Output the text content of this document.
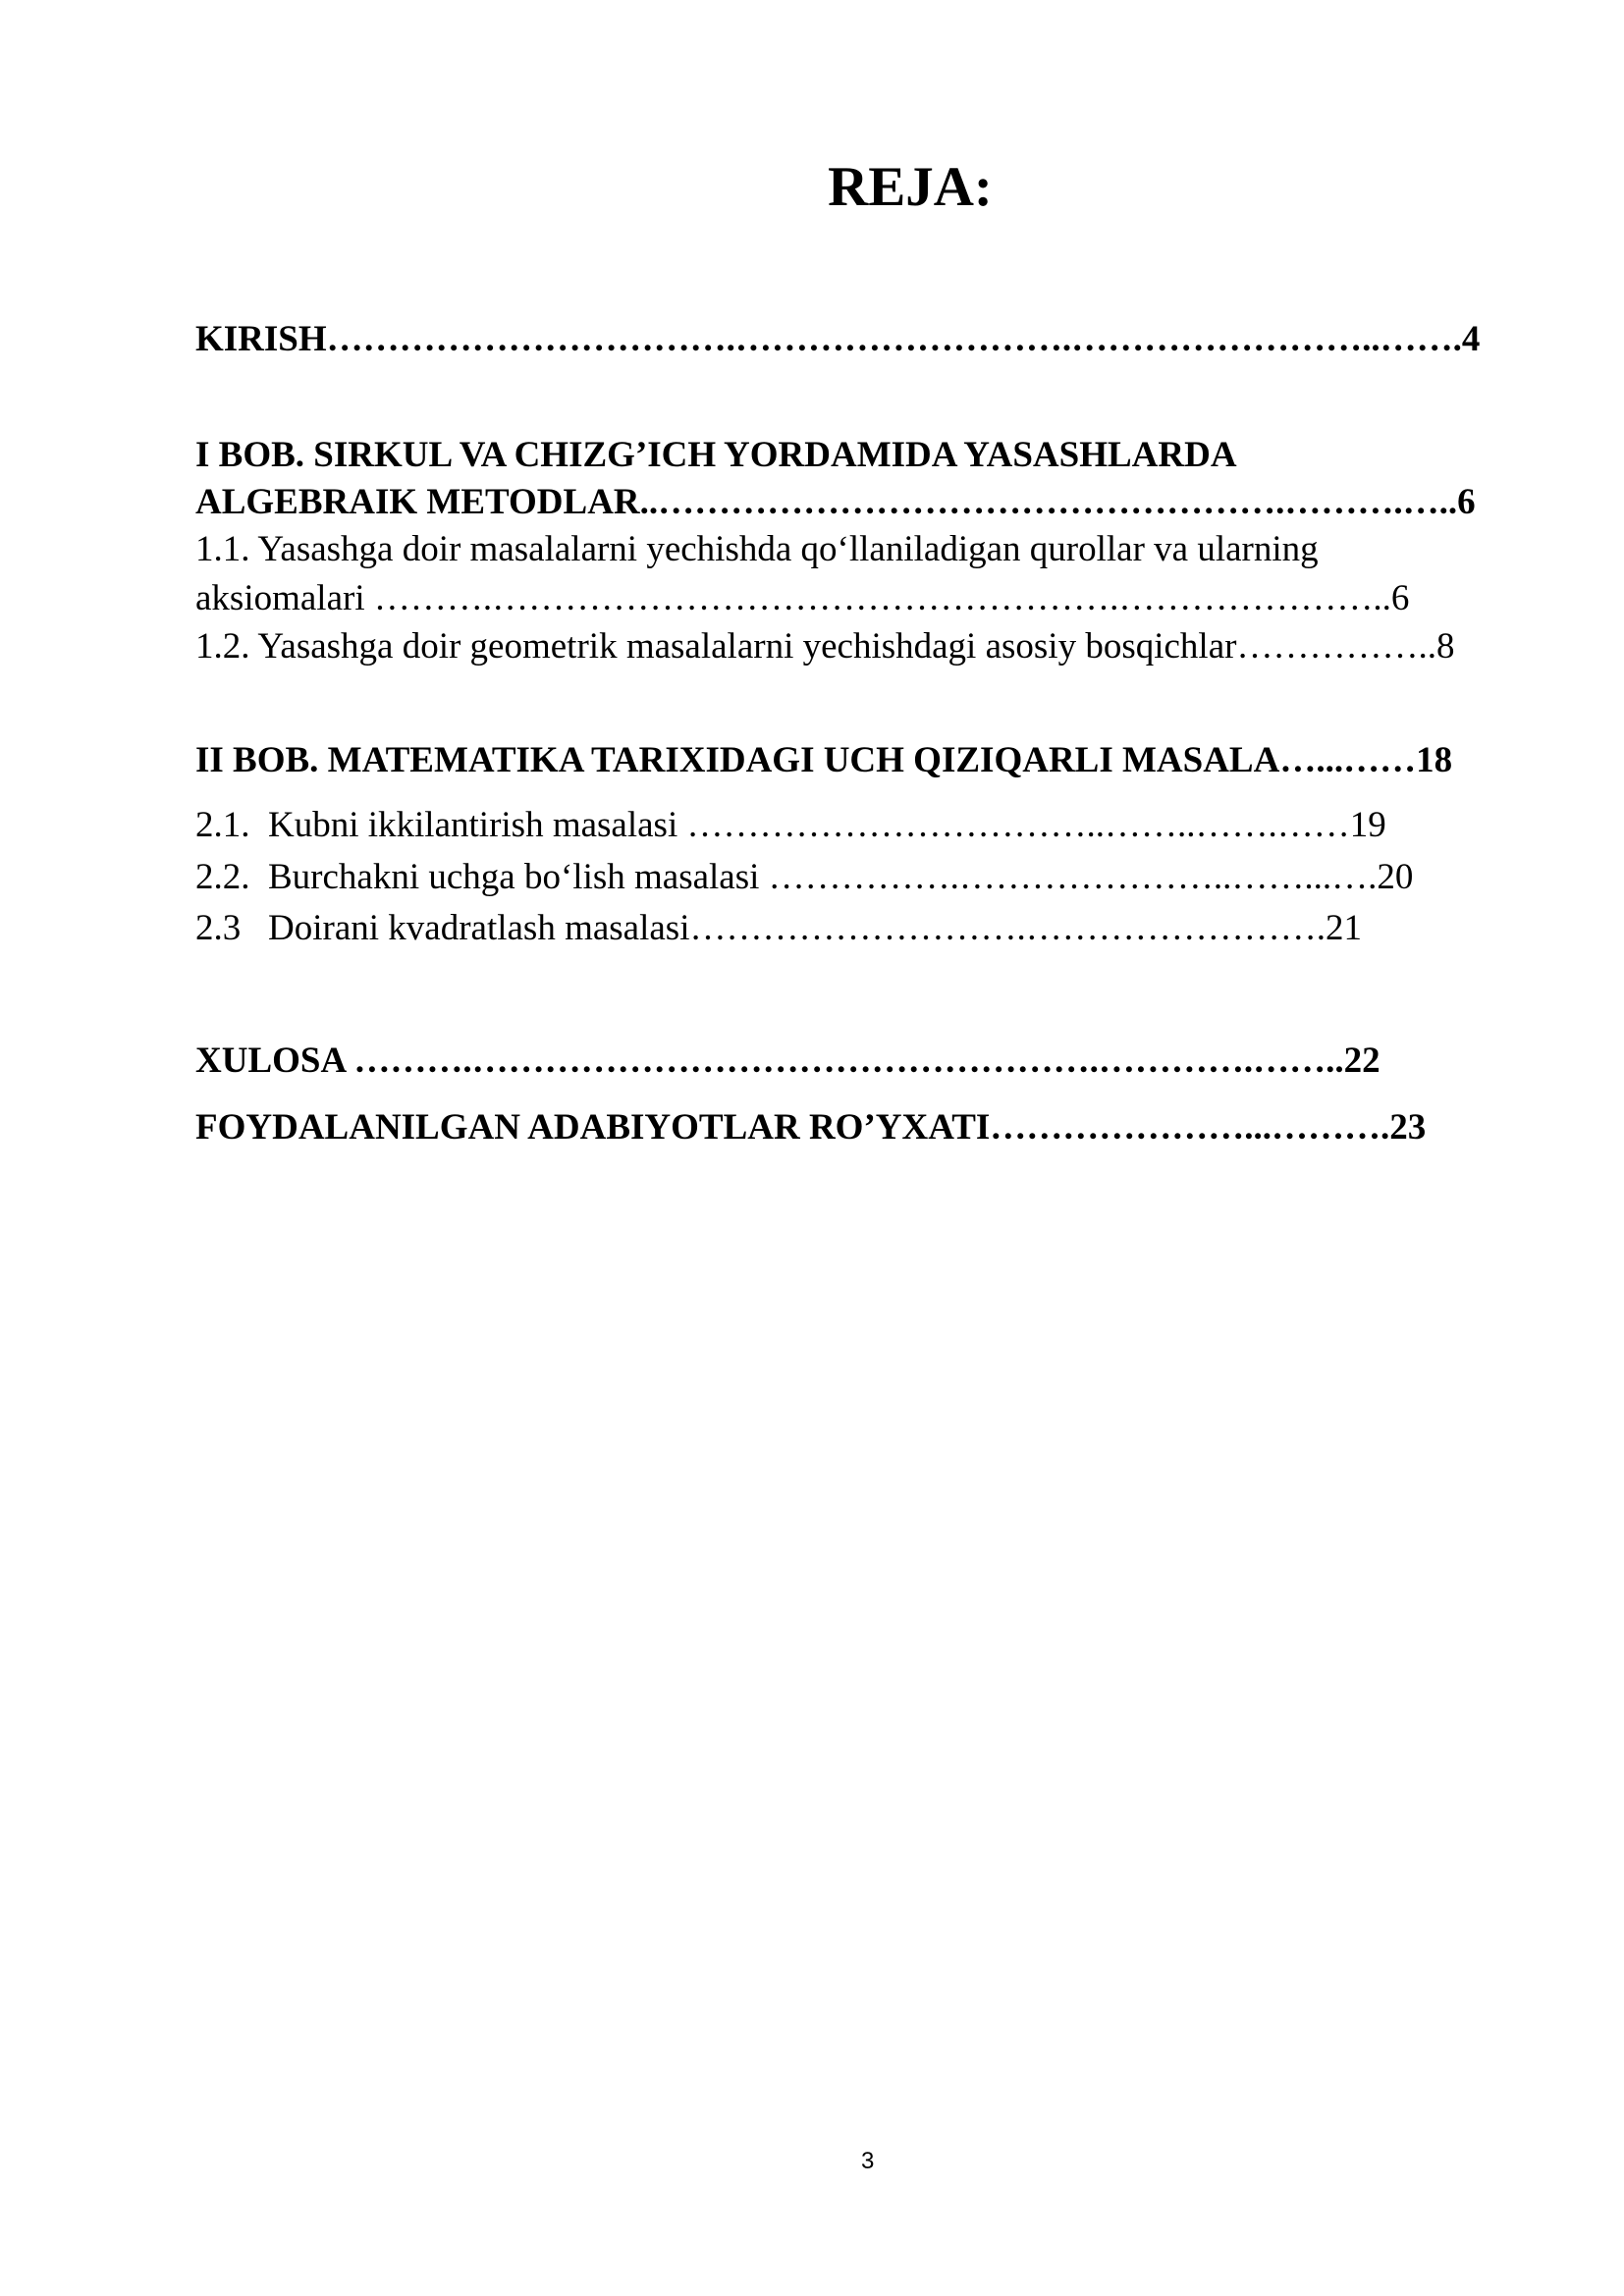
REJA:
KIRISH…………………………….……………………….……………………..…….4
I BOB. SIRKUL VA CHIZG’ICH YORDAMIDA YASASHLARDA
ALGEBRAIK METODLAR..…………………………………………….……….…..6
1.1. Yasashga doir masalalarni yechishda qo‘llaniladigan qurollar va ularning
aksiomalari ……….…………………………………………….…………………..6
1.2. Yasashga doir geometrik masalalarni yechishdagi asosiy bosqichlar……………..8
II BOB. MATEMATIKA TARIXIDAGI UCH QIZIQARLI MASALA…...……18
2.1.  Kubni ikkilantirish masalasi ……………………………..……..…….……19
2.2.  Burchakni uchga bo‘lish masalasi …………….…………………..……...….20
2.3   Doirani kvadratlash masalasi……………………….…………………….21
XULOSA ……….…………………………………………….………….……..22
FOYDALANILGAN ADABIYOTLAR RO’YXATI…………………...……….23
3
